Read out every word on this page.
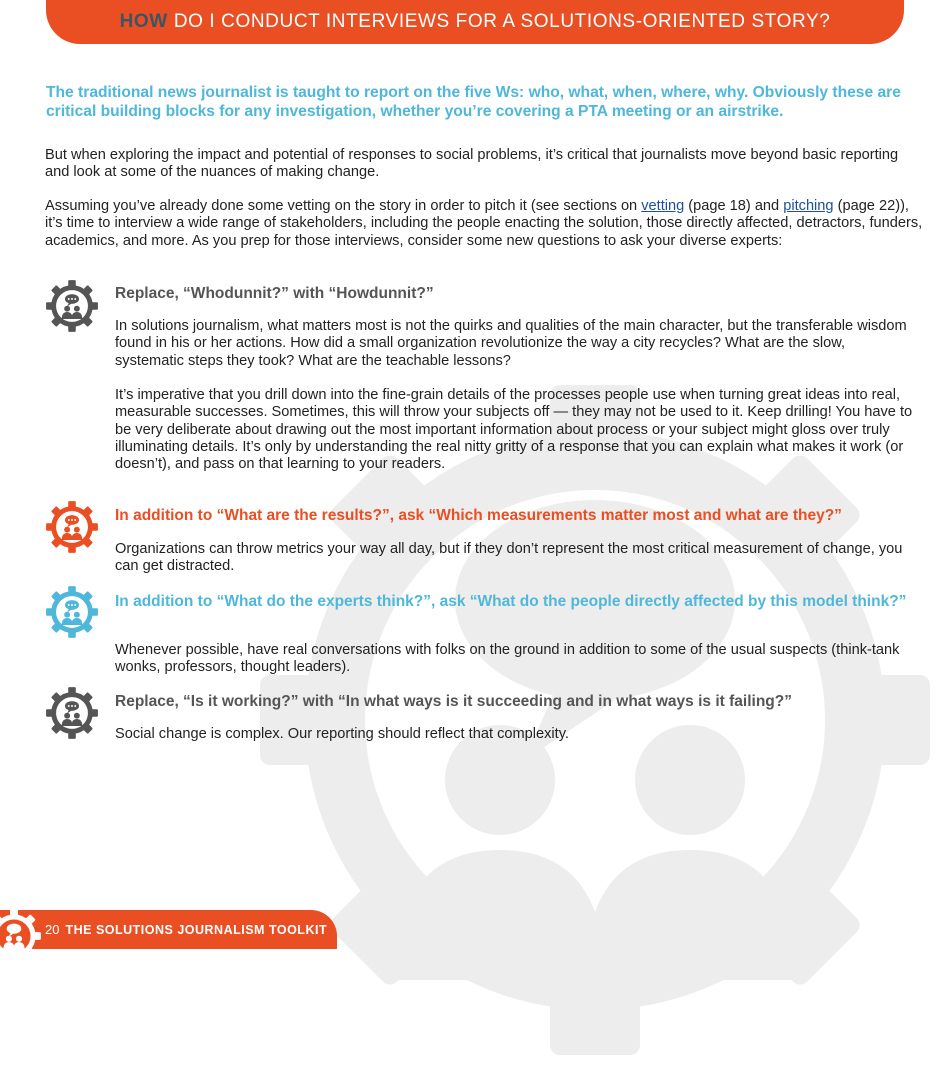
HOW DO I CONDUCT INTERVIEWS FOR A SOLUTIONS-ORIENTED STORY?

The traditional news journalist is taught to report on the five Ws: who, what, when, where, why. Obviously these are critical building blocks for any investigation, whether you’re covering a PTA meeting or an airstrike.

But when exploring the impact and potential of responses to social problems, it’s critical that journalists move beyond basic reporting and look at some of the nuances of making change.

Assuming you’ve already done some vetting on the story in order to pitch it (see sections on vetting (page 18) and pitching (page 22)), it’s time to interview a wide range of stakeholders, including the people enacting the solution, those directly affected, detractors, funders, academics, and more. As you prep for those interviews, consider some new questions to ask your diverse experts:

Replace, “Whodunnit?” with “Howdunnit?”

In solutions journalism, what matters most is not the quirks and qualities of the main character, but the transferable wisdom found in his or her actions. How did a small organization revolutionize the way a city recycles? What are the slow, systematic steps they took? What are the teachable lessons?

It’s imperative that you drill down into the fine-grain details of the processes people use when turning great ideas into real, measurable successes. Sometimes, this will throw your subjects off — they may not be used to it. Keep drilling! You have to be very deliberate about drawing out the most important information about process or your subject might gloss over truly illuminating details. It’s only by understanding the real nitty gritty of a response that you can explain what makes it work (or doesn’t), and pass on that learning to your readers.

In addition to “What are the results?”, ask “Which measurements matter most and what are they?”

Organizations can throw metrics your way all day, but if they don’t represent the most critical measurement of change, you can get distracted.

In addition to “What do the experts think?”, ask “What do the people directly affected by this model think?”

Whenever possible, have real conversations with folks on the ground in addition to some of the usual suspects (think-tank wonks, professors, thought leaders).

Replace, “Is it working?” with “In what ways is it succeeding and in what ways is it failing?”

Social change is complex. Our reporting should reflect that complexity.

20 THE SOLUTIONS JOURNALISM TOOLKIT
